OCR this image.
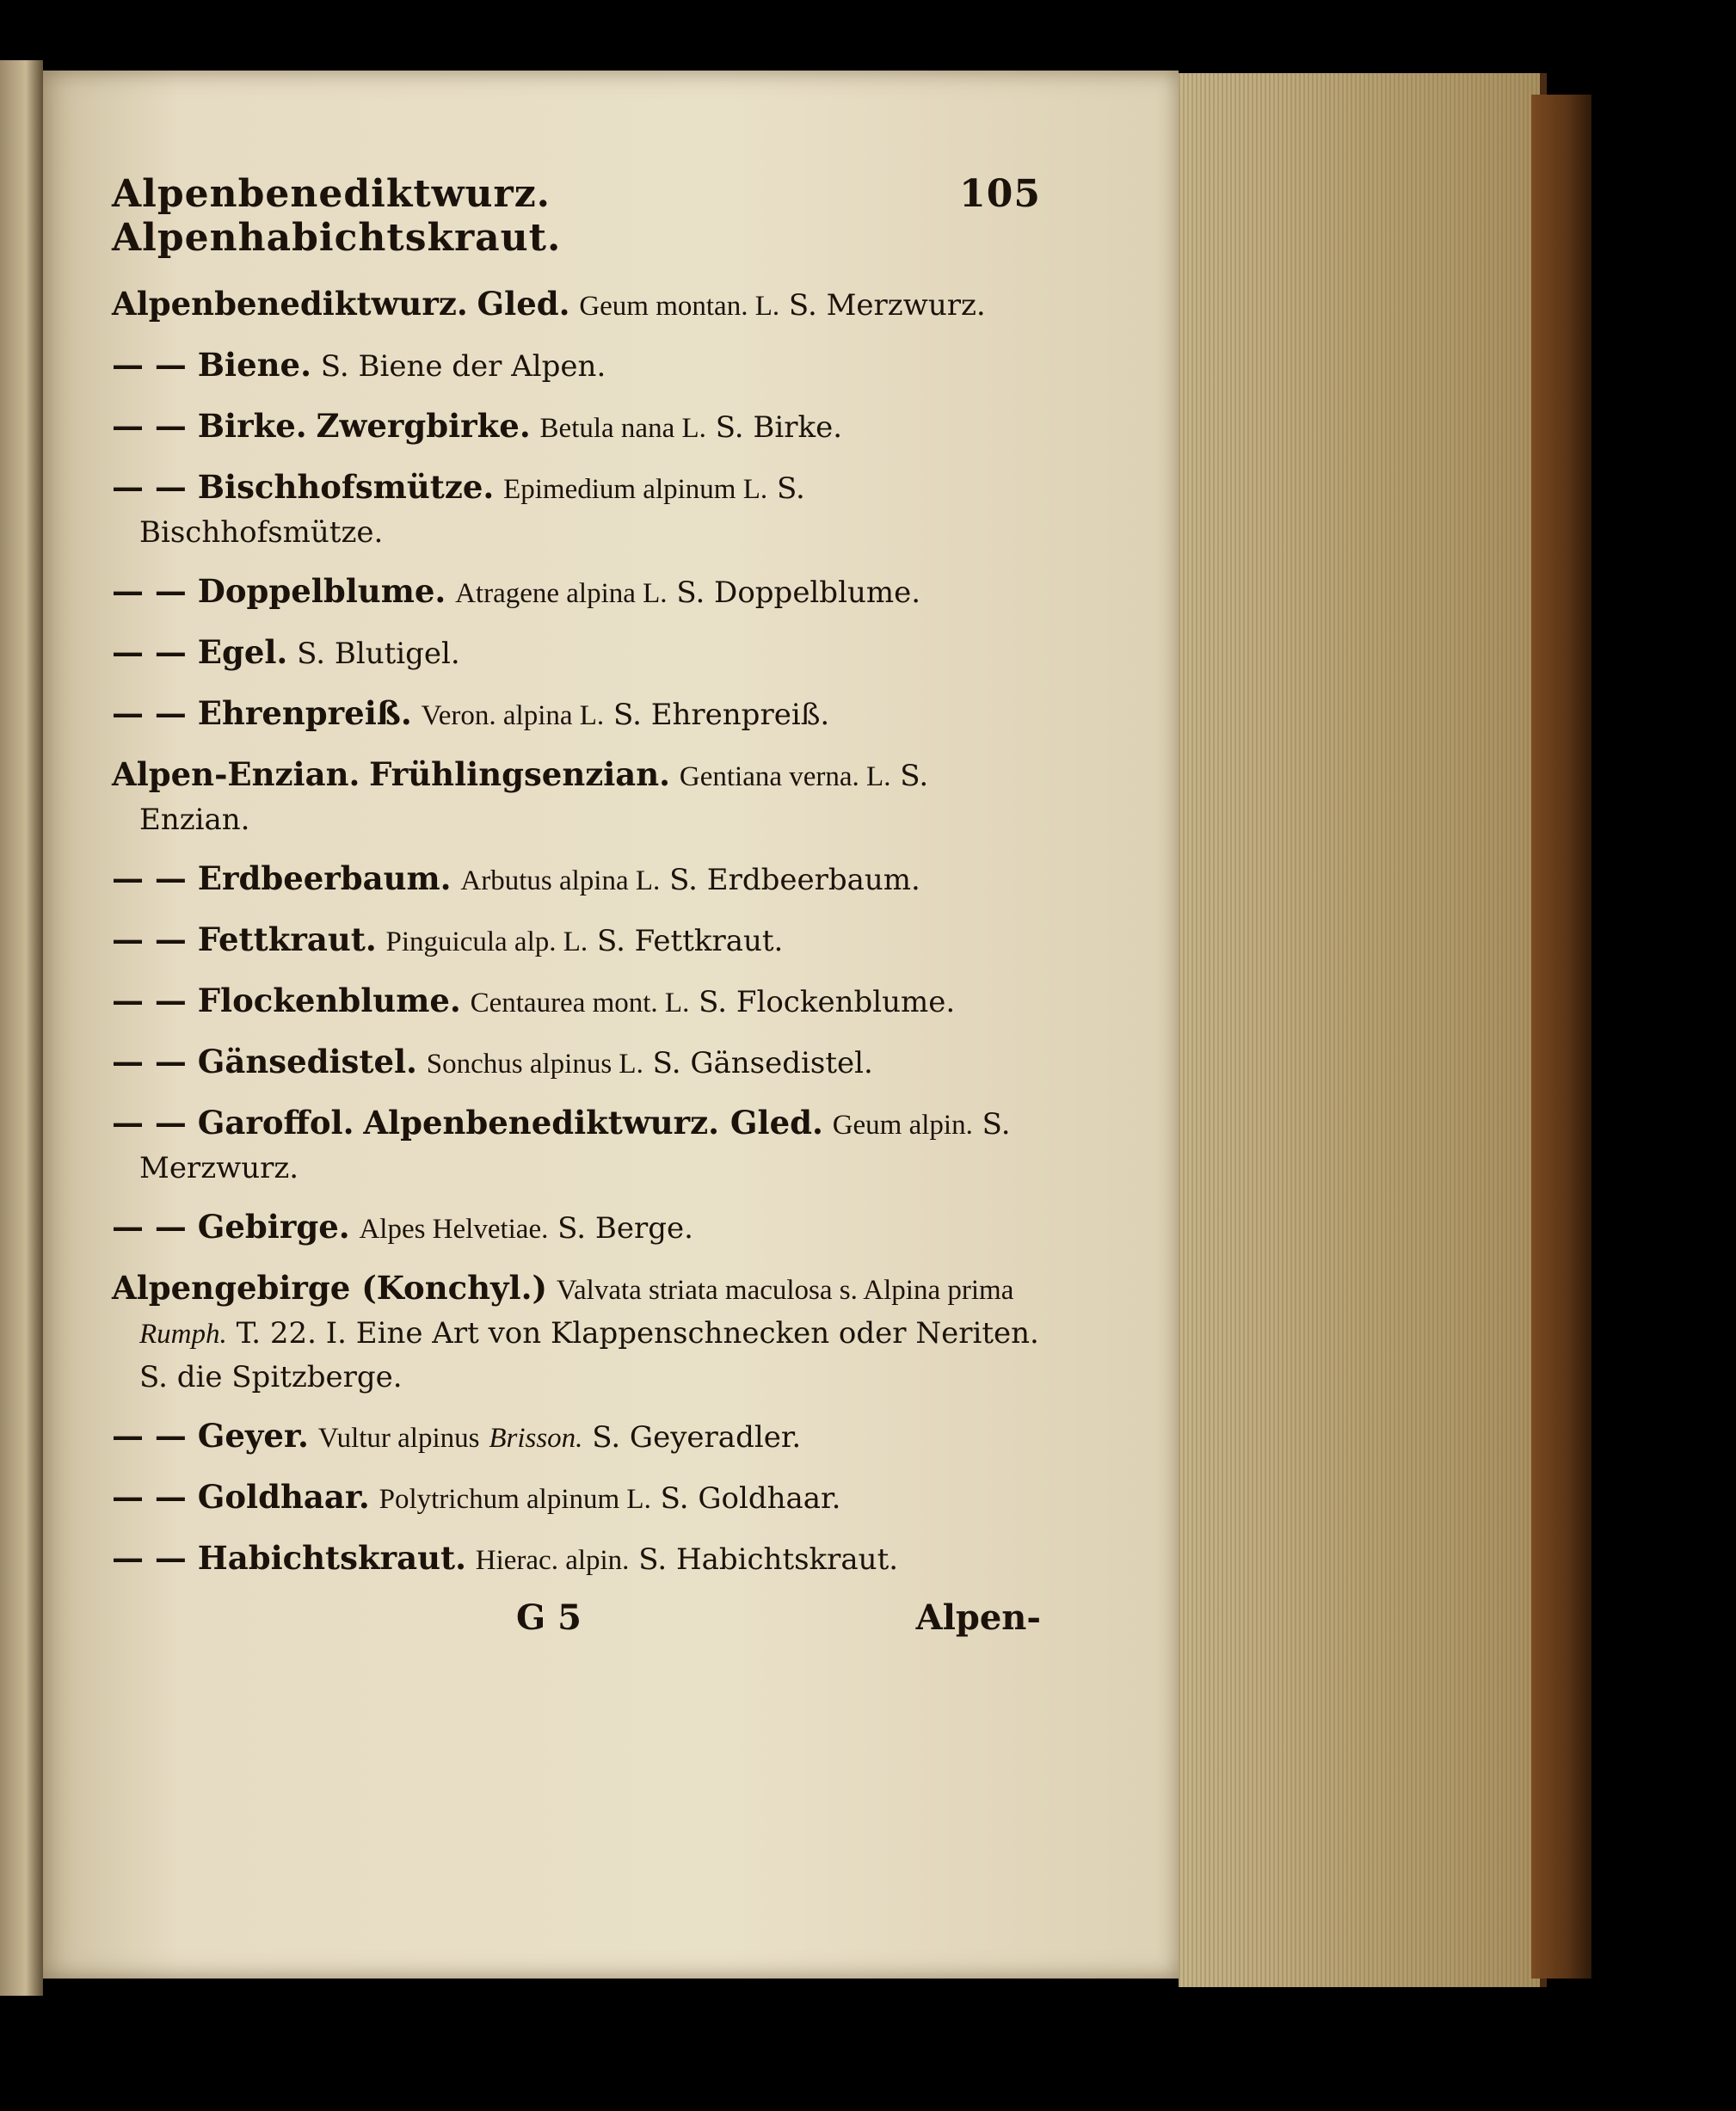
Alpenbenediktwurz. Alpenhabichtskraut.
105

Alpenbenediktwurz. Gled. Geum montan. L. S. Merzwurz.

— — Biene. S. Biene der Alpen.

— — Birke. Zwergbirke. Betula nana L. S. Birke.

— — Bischhofsmütze. Epimedium alpinum L. S. Bischhofsmütze.

— — Doppelblume. Atragene alpina L. S. Doppelblume.

— — Egel. S. Blutigel.

— — Ehrenpreiß. Veron. alpina L. S. Ehrenpreiß.

Alpen-Enzian. Frühlingsenzian. Gentiana verna. L. S. Enzian.

— — Erdbeerbaum. Arbutus alpina L. S. Erdbeerbaum.

— — Fettkraut. Pinguicula alp. L. S. Fettkraut.

— — Flockenblume. Centaurea mont. L. S. Flockenblume.

— — Gänsedistel. Sonchus alpinus L. S. Gänsedistel.

— — Garoffol. Alpenbenediktwurz. Gled. Geum alpin. S. Merzwurz.

— — Gebirge. Alpes Helvetiae. S. Berge.

Alpengebirge (Konchyl.) Valvata striata maculosa s. Alpina prima Rumph. T. 22. I. Eine Art von Klappenschnecken oder Neriten. S. die Spitzberge.

— — Geyer. Vultur alpinus Brisson. S. Geyeradler.

— — Goldhaar. Polytrichum alpinum L. S. Goldhaar.

— — Habichtskraut. Hierac. alpin. S. Habichtskraut.

G 5	Alpen-
